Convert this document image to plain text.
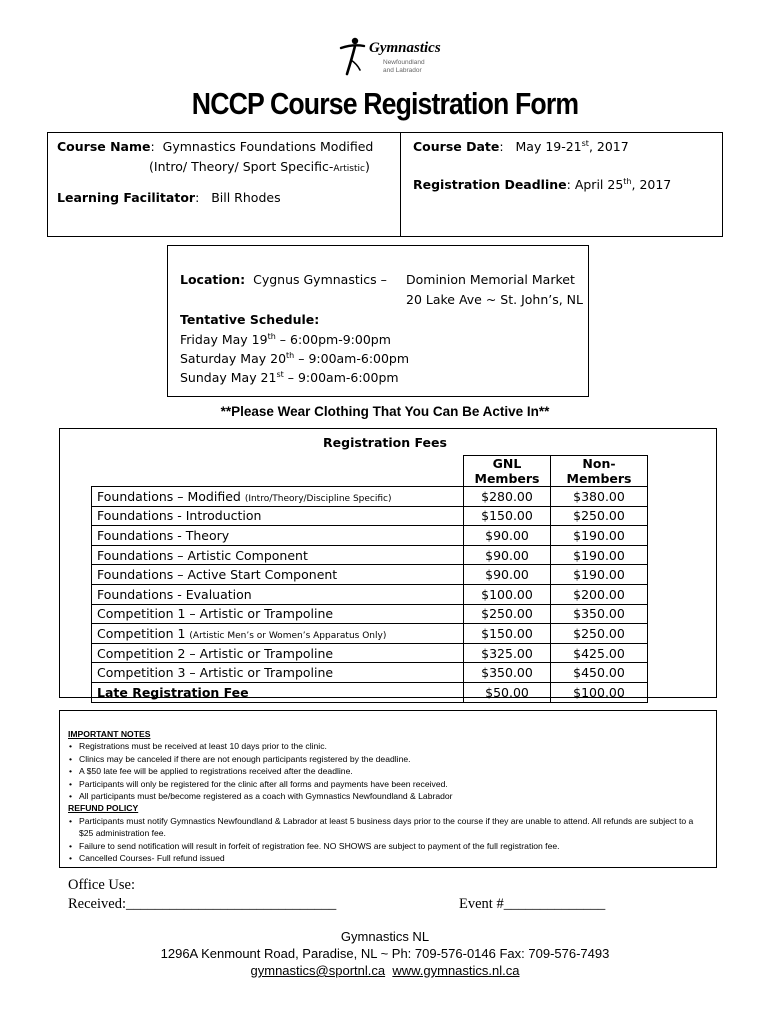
Gymnastics
Newfoundland
and Labrador
NCCP Course Registration Form
Course Name:  Gymnastics Foundations Modified
(Intro/ Theory/ Sport Specific-Artistic)
Learning Facilitator:   Bill Rhodes
Course Date:   May 19-21st, 2017
Registration Deadline: April 25th, 2017
Location: Cygnus Gymnastics – Dominion Memorial Market
20 Lake Ave ~ St. John’s, NL
Tentative Schedule:
Friday May 19th – 6:00pm-9:00pm
Saturday May 20th – 9:00am-6:00pm
Sunday May 21st – 9:00am-6:00pm
**Please Wear Clothing That You Can Be Active In**
Registration Fees
	GNL Members	Non-Members
Foundations – Modified (Intro/Theory/Discipline Specific)	$280.00	$380.00
Foundations - Introduction	$150.00	$250.00
Foundations - Theory	$90.00	$190.00
Foundations – Artistic Component	$90.00	$190.00
Foundations – Active Start Component	$90.00	$190.00
Foundations - Evaluation	$100.00	$200.00
Competition 1 – Artistic or Trampoline	$250.00	$350.00
Competition 1 (Artistic Men’s or Women’s Apparatus Only)	$150.00	$250.00
Competition 2 – Artistic or Trampoline	$325.00	$425.00
Competition 3 – Artistic or Trampoline	$350.00	$450.00
Late Registration Fee	$50.00	$100.00
IMPORTANT NOTES
• Registrations must be received at least 10 days prior to the clinic.
• Clinics may be canceled if there are not enough participants registered by the deadline.
• A $50 late fee will be applied to registrations received after the deadline.
• Participants will only be registered for the clinic after all forms and payments have been received.
• All participants must be/become registered as a coach with Gymnastics Newfoundland & Labrador
REFUND POLICY
• Participants must notify Gymnastics Newfoundland & Labrador at least 5 business days prior to the course if they are unable to attend. All refunds are subject to a $25 administration fee.
• Failure to send notification will result in forfeit of registration fee. NO SHOWS are subject to payment of the full registration fee.
• Cancelled Courses- Full refund issued
Office Use:
Received:_____________________________	Event #______________
Gymnastics NL
1296A Kenmount Road, Paradise, NL ~ Ph: 709-576-0146 Fax: 709-576-7493
gymnastics@sportnl.ca www.gymnastics.nl.ca
